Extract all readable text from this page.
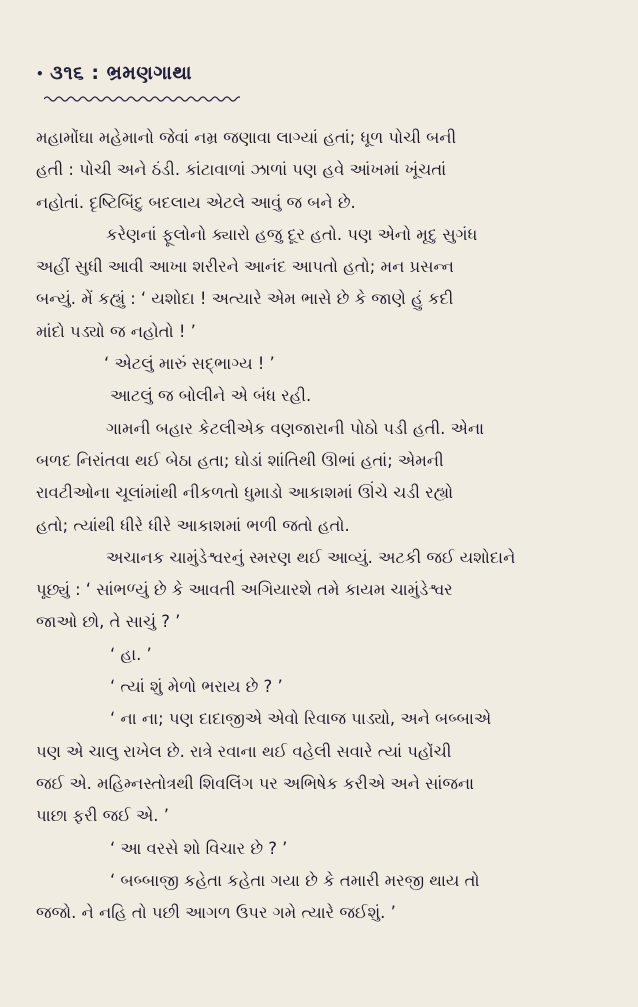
• ૩૧૬ : ભ્રમણગાથા

મહામોંઘા મહેમાનો જેવાં નમ્ર જણાવા લાગ્યાં હતાં; ધૂળ પોચી બની

હતી : પોચી અને ઠંડી. કાંટાવાળાં ઝાળાં પણ હવે આંખમાં ખૂંચતાં

નહોતાં. દૃષ્ટિબિંદુ બદલાય એટલે આવું જ બને છે.

કરેણનાં ફૂલોનો ક્યારો હજુ દૂર હતો. પણ એનો મૃદુ સુગંધ

અહીં સુધી આવી આખા શરીરને આનંદ આપતો હતો; મન પ્રસન્ન

બન્યું. મેં કહ્યું : ‘ યશોદા ! અત્યારે એમ ભાસે છે કે જાણે હું કદી

માંદો પડ્યો જ નહોતો ! ’

‘ એટલું મારું સદ્ભાગ્ય ! ’

આટલું જ બોલીને એ બંધ રહી.

ગામની બહાર કેટલીએક વણજારાની પોઠો પડી હતી. એના

બળદ નિરાંતવા થઈ બેઠા હતા; ઘોડાં શાંતિથી ઊભાં હતાં; એમની

રાવટીઓના ચૂલાંમાંથી નીકળતો ધુમાડો આકાશમાં ઊંચે ચડી રહ્યો

હતો; ત્યાંથી ધીરે ધીરે આકાશમાં ભળી જતો હતો.

અચાનક ચામુંડેશ્વરનું સ્મરણ થઈ આવ્યું. અટકી જઈ યશોદાને

પૂછ્યું : ‘ સાંભળ્યું છે કે આવતી અગિયારશે તમે કાયમ ચામુંડેશ્વર

જાઓ છો, તે સાચું ? ’

‘ હા. ’

‘ ત્યાં શું મેળો ભરાય છે ? ’

‘ ના ના; પણ દાદાજીએ એવો રિવાજ પાડ્યો, અને બબ્બાએ

પણ એ ચાલુ રાખેલ છે. રાત્રે રવાના થઈ વહેલી સવારે ત્યાં પહોંચી

જઈ એ. મહિમ્નસ્તોત્રથી શિવલિંગ પર અભિષેક કરીએ અને સાંજના

પાછા ફરી જઈ એ. ’

‘ આ વરસે શો વિચાર છે ? ’

‘ બબ્બાજી કહેતા કહેતા ગયા છે કે તમારી મરજી થાય તો

જજો. ને નહિ તો પછી આગળ ઉપર ગમે ત્યારે જઈશું. ’
